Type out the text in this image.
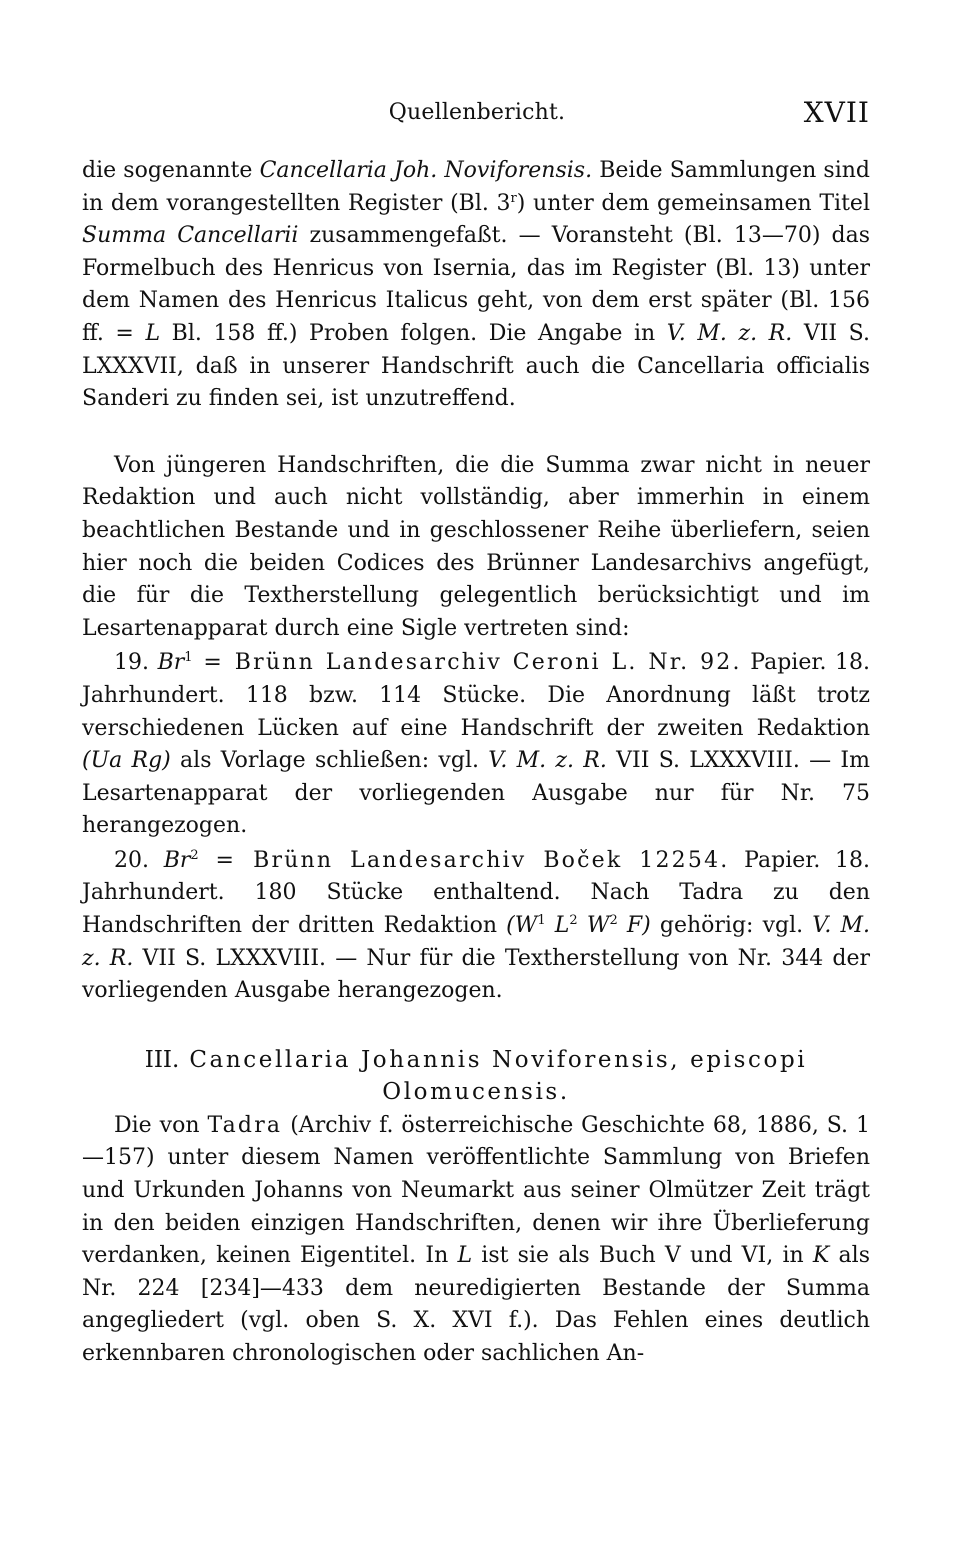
Quellenbericht.	XVII

die sogenannte Cancellaria Joh. Noviforensis. Beide Sammlungen sind in dem vorangestellten Register (Bl. 3$^r$) unter dem gemeinsamen Titel Summa Cancellarii zusammengefaßt. — Voransteht (Bl. 13—70) das Formelbuch des Henricus von Isernia, das im Register (Bl. 13) unter dem Namen des Henricus Italicus geht, von dem erst später (Bl. 156 ff. = L Bl. 158 ff.) Proben folgen. Die Angabe in V. M. z. R. VII S. LXXXVII, daß in unserer Handschrift auch die Cancellaria officialis Sanderi zu finden sei, ist unzutreffend.

Von jüngeren Handschriften, die die Summa zwar nicht in neuer Redaktion und auch nicht vollständig, aber immerhin in einem beachtlichen Bestande und in geschlossener Reihe überliefern, seien hier noch die beiden Codices des Brünner Landesarchivs angefügt, die für die Textherstellung gelegentlich berücksichtigt und im Lesartenapparat durch eine Sigle vertreten sind:

19. $Br^1$ = Brünn Landesarchiv Ceroni L. Nr. 92. Papier. 18. Jahrhundert. 118 bzw. 114 Stücke. Die Anordnung läßt trotz verschiedenen Lücken auf eine Handschrift der zweiten Redaktion (Ua Rg) als Vorlage schließen: vgl. V. M. z. R. VII S. LXXXVIII. — Im Lesartenapparat der vorliegenden Ausgabe nur für Nr. 75 herangezogen.

20. $Br^2$ = Brünn Landesarchiv Boček 12254. Papier. 18. Jahrhundert. 180 Stücke enthaltend. Nach Tadra zu den Handschriften der dritten Redaktion ($W^1$ $L^2$ $W^2$ F) gehörig: vgl. V. M. z. R. VII S. LXXXVIII. — Nur für die Textherstellung von Nr. 344 der vorliegenden Ausgabe herangezogen.

III. Cancellaria Johannis Noviforensis, episcopi Olomucensis.

Die von Tadra (Archiv f. österreichische Geschichte 68, 1886, S. 1—157) unter diesem Namen veröffentlichte Sammlung von Briefen und Urkunden Johanns von Neumarkt aus seiner Olmützer Zeit trägt in den beiden einzigen Handschriften, denen wir ihre Überlieferung verdanken, keinen Eigentitel. In L ist sie als Buch V und VI, in K als Nr. 224 [234]—433 dem neuredigierten Bestande der Summa angegliedert (vgl. oben S. X. XVI f.). Das Fehlen eines deutlich erkennbaren chronologischen oder sachlichen An-
